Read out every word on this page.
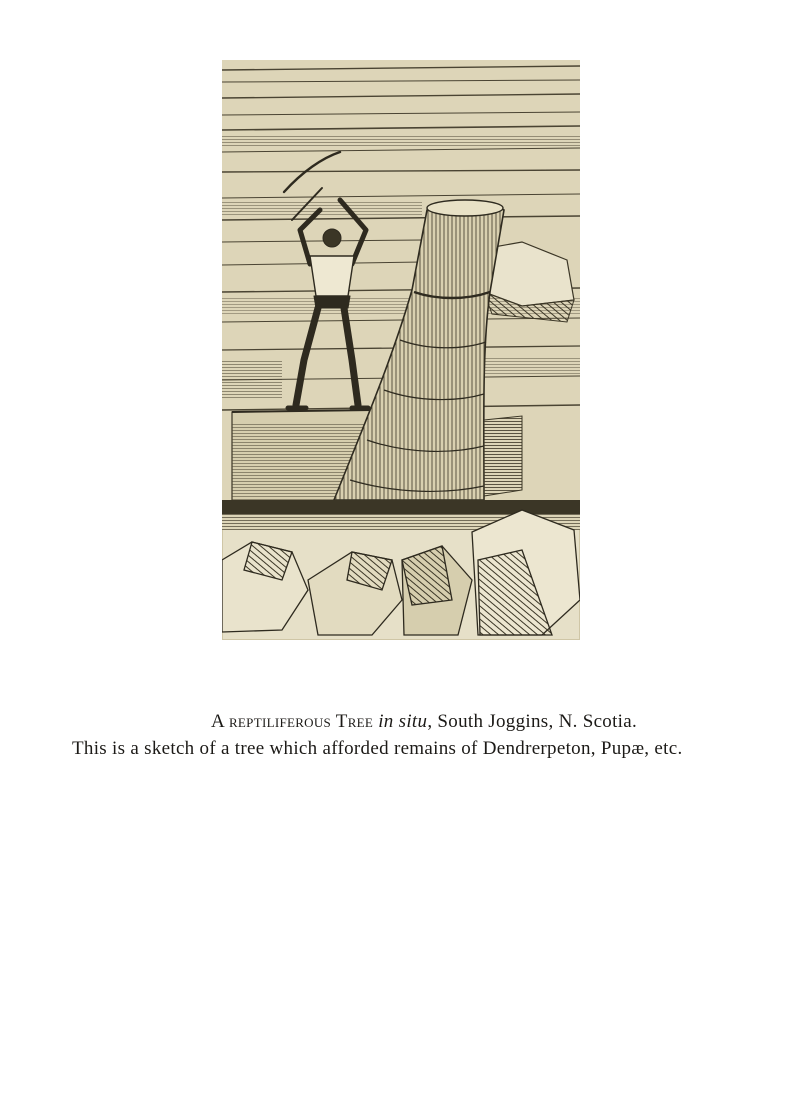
A reptiliferous Tree in situ, South Joggins, N. Scotia.

This is a sketch of a tree which afforded remains of Dendrerpeton, Pupæ, etc.
